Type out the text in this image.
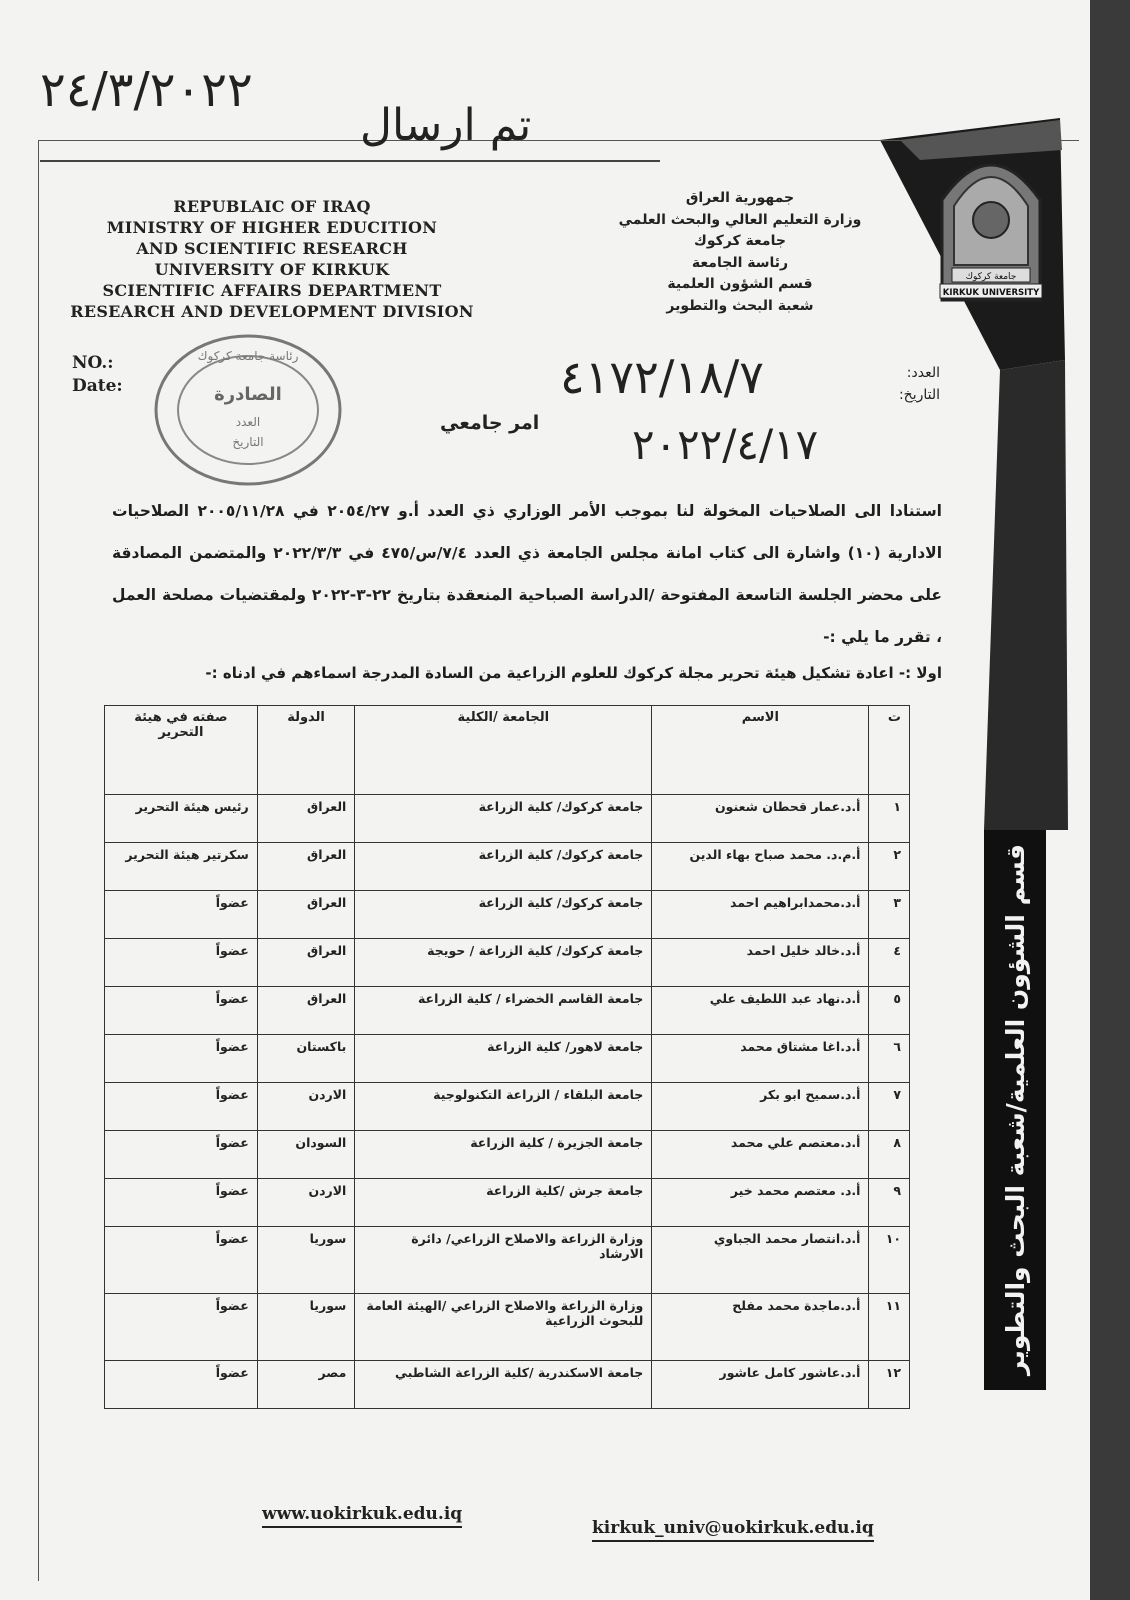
٢٤/٣/٢٠٢٢
تم ارسال
REPUBLAIC OF IRAQ
MINISTRY OF HIGHER EDUCITION
AND SCIENTIFIC RESEARCH
UNIVERSITY OF KIRKUK
SCIENTIFIC AFFAIRS DEPARTMENT
RESEARCH AND DEVELOPMENT DIVISION
جمهورية العراق
وزارة التعليم العالي والبحث العلمي
جامعة كركوك
رئاسة الجامعة
قسم الشؤون العلمية
شعبة البحث والتطوير
جامعة كركوك
KIRKUK UNIVERSITY
NO.:
Date:
العدد:
التاريخ:
٤١٧٢/١٨/٧
٢٠٢٢/٤/١٧
رئاسة جامعة كركوك
الصادرة
العدد
التاريخ
امر جامعي
استنادا الى الصلاحيات المخولة لنا بموجب الأمر الوزاري ذي العدد أ.و ٢٠٥٤/٢٧ في ٢٠٠٥/١١/٢٨ الصلاحيات الادارية (١٠) واشارة الى كتاب امانة مجلس الجامعة ذي العدد ٧/٤/س/٤٧٥ في ٢٠٢٢/٣/٣ والمتضمن المصادقة على محضر الجلسة التاسعة المفتوحة /الدراسة الصباحية المنعقدة بتاريخ ٢٢-٣-٢٠٢٢ ولمقتضيات مصلحة العمل ، تقرر ما يلي :-
اولا :- اعادة تشكيل هيئة تحرير مجلة كركوك للعلوم الزراعية من السادة المدرجة اسماءهم في ادناه :-
ت	الاسم	الجامعة /الكلية	الدولة	صفته في هيئة التحرير
١	أ.د.عمار قحطان شعنون	جامعة كركوك/ كلية الزراعة	العراق	رئيس هيئة التحرير
٢	أ.م.د. محمد صباح بهاء الدين	جامعة كركوك/ كلية الزراعة	العراق	سكرتير هيئة التحرير
٣	أ.د.محمدابراهيم احمد	جامعة كركوك/ كلية الزراعة	العراق	عضواً
٤	أ.د.خالد خليل احمد	جامعة كركوك/ كلية الزراعة / حويجة	العراق	عضواً
٥	أ.د.نهاد عبد اللطيف علي	جامعة القاسم الخضراء / كلية الزراعة	العراق	عضواً
٦	أ.د.اغا مشتاق محمد	جامعة لاهور/ كلية الزراعة	باكستان	عضواً
٧	أ.د.سميح ابو بكر	جامعة البلقاء / الزراعة التكنولوجية	الاردن	عضواً
٨	أ.د.معتصم علي محمد	جامعة الجزيرة / كلية الزراعة	السودان	عضواً
٩	أ.د. معتصم محمد خير	جامعة جرش /كلية الزراعة	الاردن	عضواً
١٠	أ.د.انتصار محمد الجباوي	وزارة الزراعة والاصلاح الزراعي/ دائرة الارشاد	سوريا	عضواً
١١	أ.د.ماجدة محمد مفلح	وزارة الزراعة والاصلاح الزراعي /الهيئة العامة للبحوث الزراعية	سوريا	عضواً
١٢	أ.د.عاشور كامل عاشور	جامعة الاسكندرية /كلية الزراعة الشاطبي	مصر	عضواً	قسم الشؤون العلمية/شعبة البحث والتطوير
www.uokirkuk.edu.iq
kirkuk_univ@uokirkuk.edu.iq
